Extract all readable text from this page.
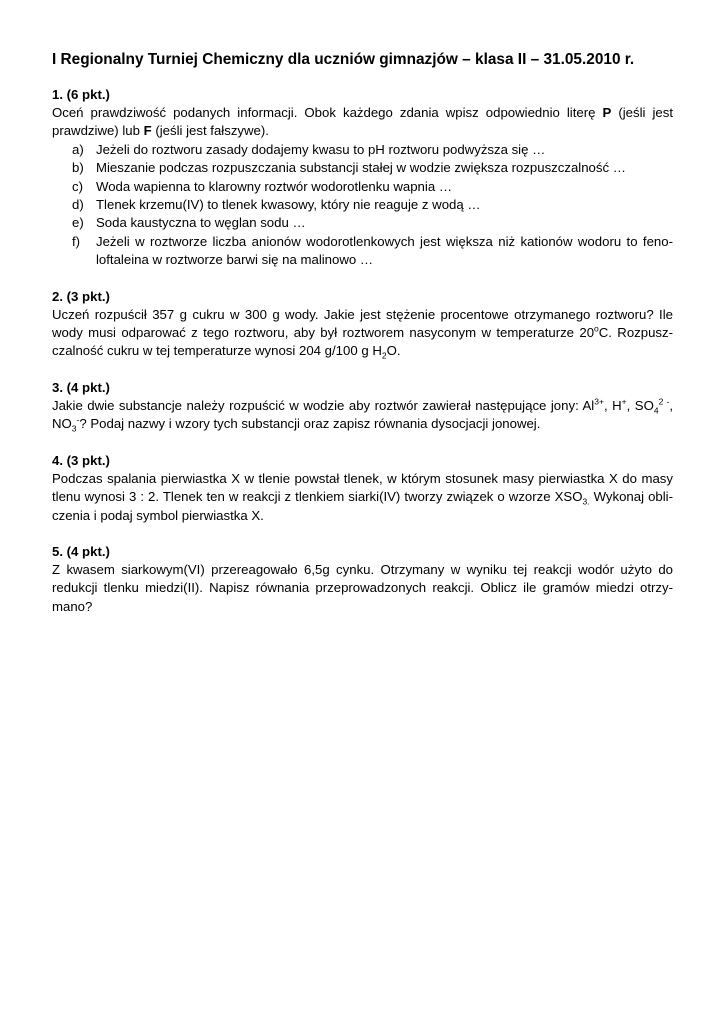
I Regionalny Turniej Chemiczny dla uczniów gimnazjów – klasa II – 31.05.2010 r.
1. (6 pkt.)

Oceń prawdziwość podanych informacji. Obok każdego zdania wpisz odpowiednio literę P (jeśli jest prawdziwe) lub F (jeśli jest fałszywe).

a) Jeżeli do roztworu zasady dodajemy kwasu to pH roztworu podwyższa się …
b) Mieszanie podczas rozpuszczania substancji stałej w wodzie zwiększa rozpuszczalność …
c) Woda wapienna to klarowny roztwór wodorotlenku wapnia …
d) Tlenek krzemu(IV) to tlenek kwasowy, który nie reaguje z wodą …
e) Soda kaustyczna to węglan sodu …
f)	Jeżeli w roztworze liczba anionów wodorotlenkowych jest większa niż kationów wodoru to feno-loftaleina w roztworze barwi się na malinowo …
2. (3 pkt.)

Uczeń rozpuścił 357 g cukru w 300 g wody. Jakie jest stężenie procentowe otrzymanego roztworu? Ile wody musi odparować z tego roztworu, aby był roztworem nasyconym w temperaturze 20$^o$C. Rozpusz-czalność cukru w tej temperaturze wynosi 204 g/100 g $H_2O$.

3. (4 pkt.)

Jakie dwie substancje należy rozpuścić w wodzie aby roztwór zawierał następujące jony: $Al^{3+}$, H+, $SO_4^{2 -}$, $NO_3^-$? Podaj nazwy i wzory tych substancji oraz zapisz równania dysocjacji jonowej.

4. (3 pkt.)

Podczas spalania pierwiastka X w tlenie powstał tlenek, w którym stosunek masy pierwiastka X do masy tlenu wynosi 3 : 2. Tlenek ten w reakcji z tlenkiem siarki(IV) tworzy związek o wzorze $XSO_{3.}$ Wykonaj obli-czenia i podaj symbol pierwiastka X.

5. (4 pkt.)

Z kwasem siarkowym(VI) przereagowało 6,5g cynku. Otrzymany w wyniku tej reakcji wodór użyto do redukcji tlenku miedzi(II). Napisz równania przeprowadzonych reakcji. Oblicz ile gramów miedzi otrzy-mano?
